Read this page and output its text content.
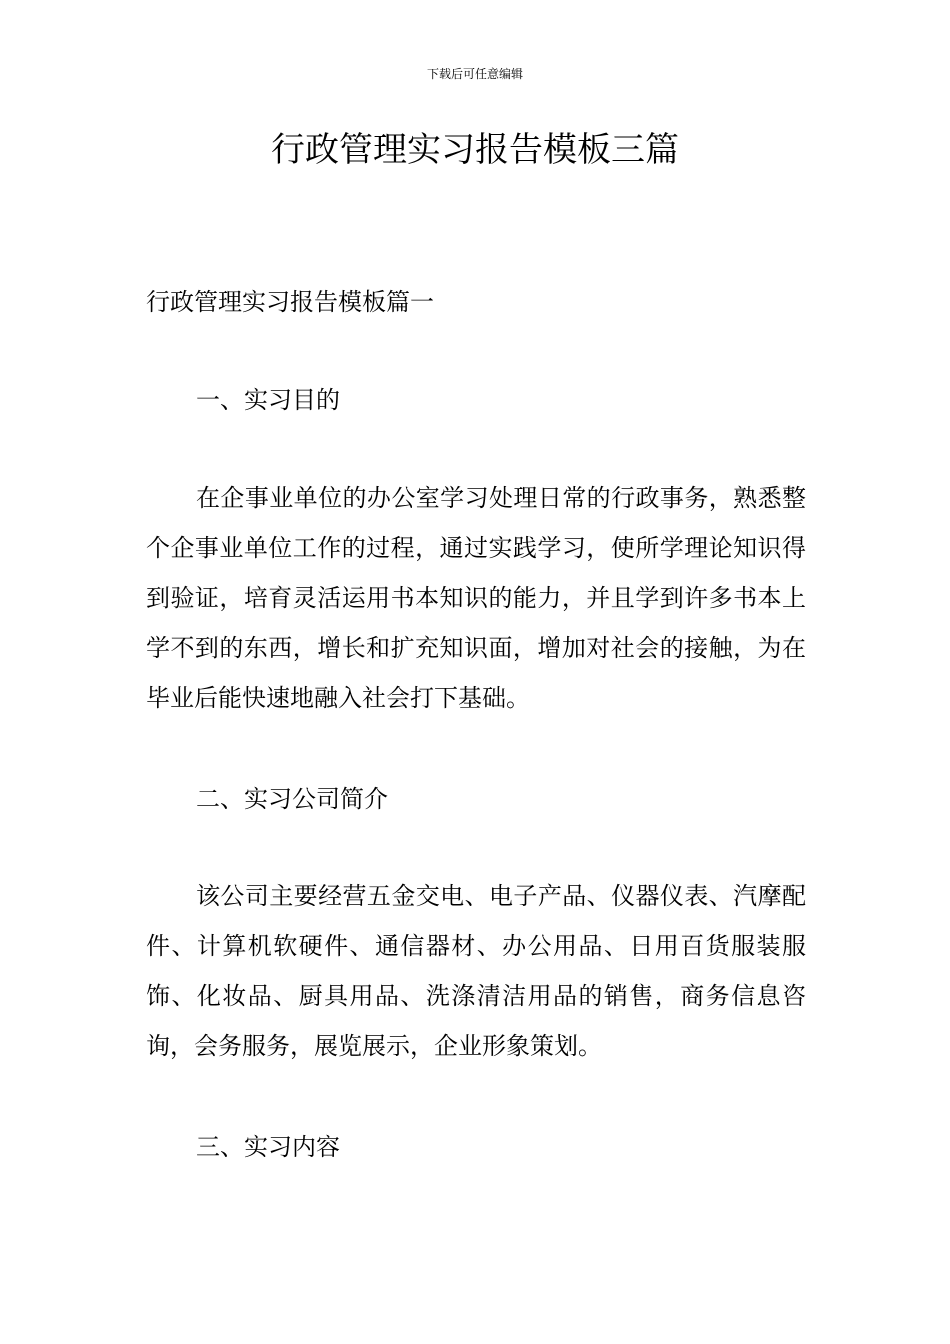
下载后可任意编辑
行政管理实习报告模板三篇
行政管理实习报告模板篇一
一、实习目的

在企事业单位的办公室学习处理日常的行政事务，熟悉整个企事业单位工作的过程，通过实践学习，使所学理论知识得到验证，培育灵活运用书本知识的能力，并且学到许多书本上学不到的东西，增长和扩充知识面，增加对社会的接触，为在毕业后能快速地融入社会打下基础。

二、实习公司简介

该公司主要经营五金交电、电子产品、仪器仪表、汽摩配件、计算机软硬件、通信器材、办公用品、日用百货服装服饰、化妆品、厨具用品、洗涤清洁用品的销售，商务信息咨询，会务服务，展览展示，企业形象策划。

三、实习内容
